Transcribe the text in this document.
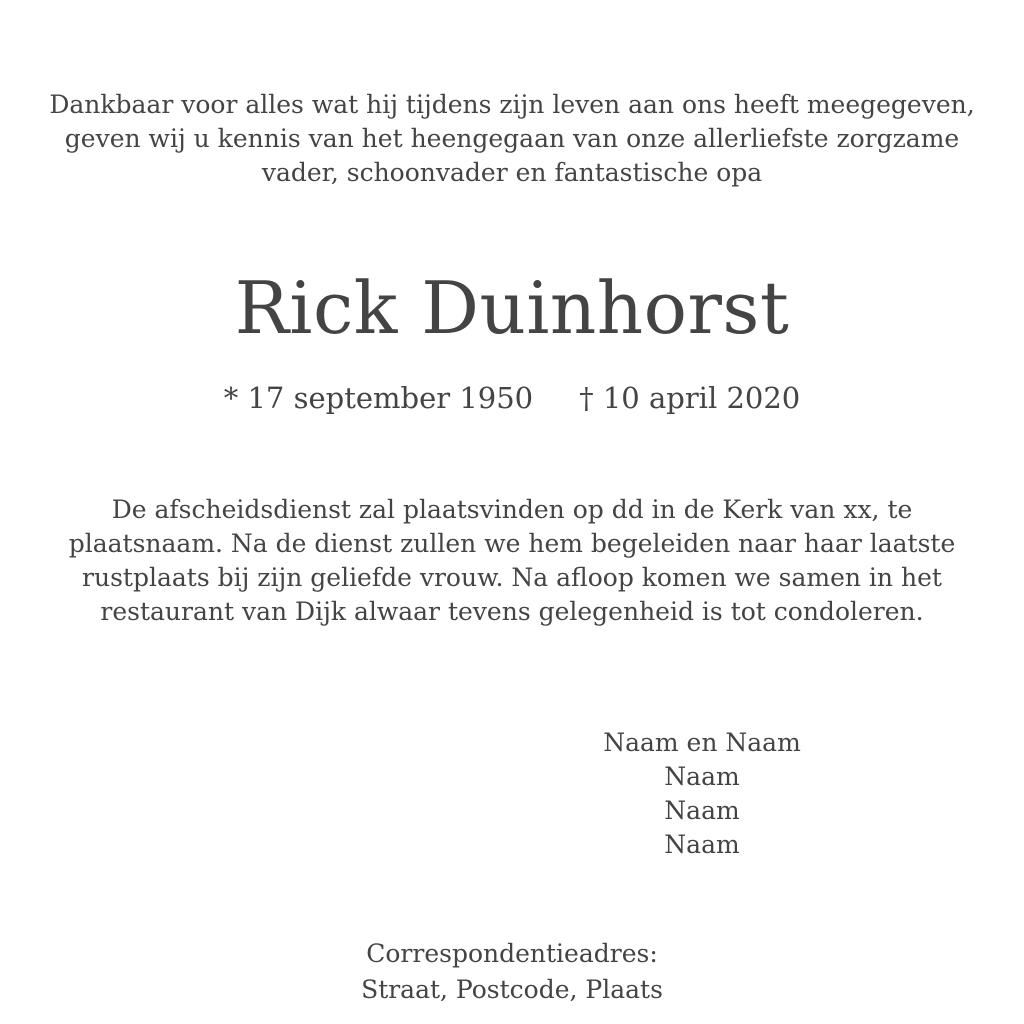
Dankbaar voor alles wat hij tijdens zijn leven aan ons heeft meegegeven,
geven wij u kennis van het heengegaan van onze allerliefste zorgzame
vader, schoonvader en fantastische opa
Rick Duinhorst
* 17 september 1950 † 10 april 2020
De afscheidsdienst zal plaatsvinden op dd in de Kerk van xx, te
plaatsnaam. Na de dienst zullen we hem begeleiden naar haar laatste
rustplaats bij zijn geliefde vrouw. Na afloop komen we samen in het
restaurant van Dijk alwaar tevens gelegenheid is tot condoleren.
Naam en Naam
Naam
Naam
Naam
Correspondentieadres:
Straat, Postcode, Plaats
